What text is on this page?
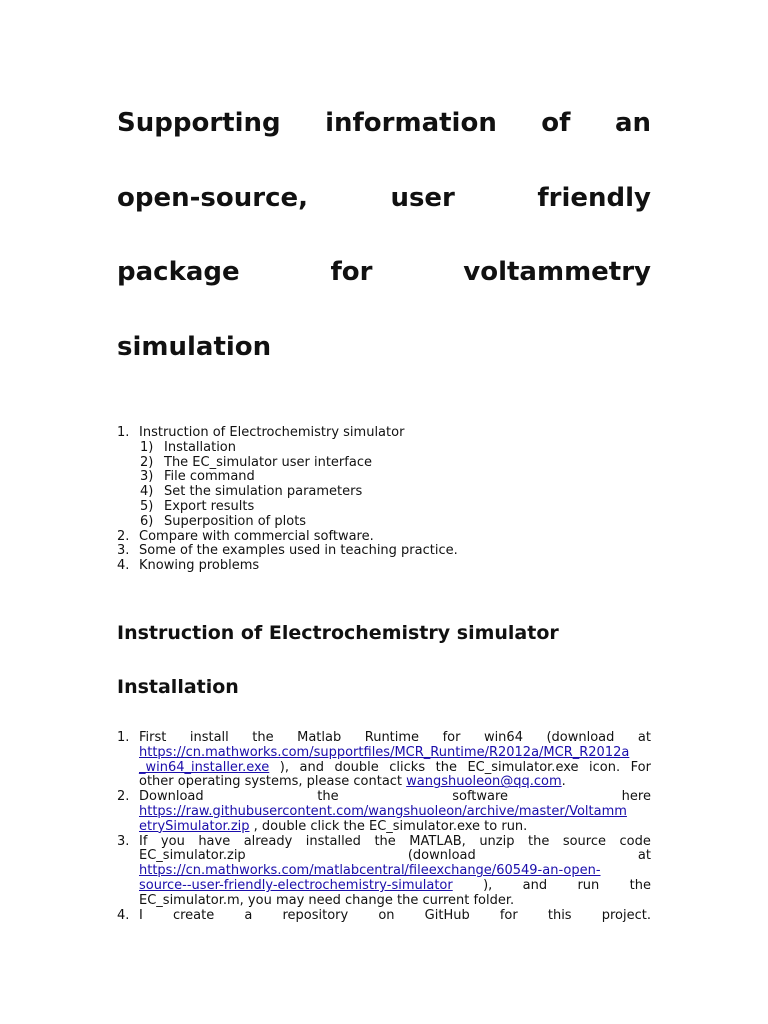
Supporting information of an
open-source,	user	friendly
package	for	voltammetry
simulation
1. Instruction of Electrochemistry simulator
1) Installation
2) The EC_simulator user interface
3) File command
4) Set the simulation parameters
5) Export results
6) Superposition of plots
2. Compare with commercial software.
3. Some of the examples used in teaching practice.
4. Knowing problems
Instruction of Electrochemistry simulator
Installation
1. First install the Matlab Runtime for win64 (download at
https://cn.mathworks.com/supportfiles/MCR_Runtime/R2012a/MCR_R2012a
_win64_installer.exe ), and double clicks the EC_simulator.exe icon. For
other operating systems, please contact wangshuoleon@qq.com.
2. Download	the	software	here
https://raw.githubusercontent.com/wangshuoleon/archive/master/Voltamm
etrySimulator.zip , double click the EC_simulator.exe to run.
3. If you have already installed the MATLAB, unzip the source code
EC_simulator.zip	(download	at
https://cn.mathworks.com/matlabcentral/fileexchange/60549-an-open-
source--user-friendly-electrochemistry-simulator ), and run the
EC_simulator.m, you may need change the current folder.
4. I create a repository on GitHub for this project.
